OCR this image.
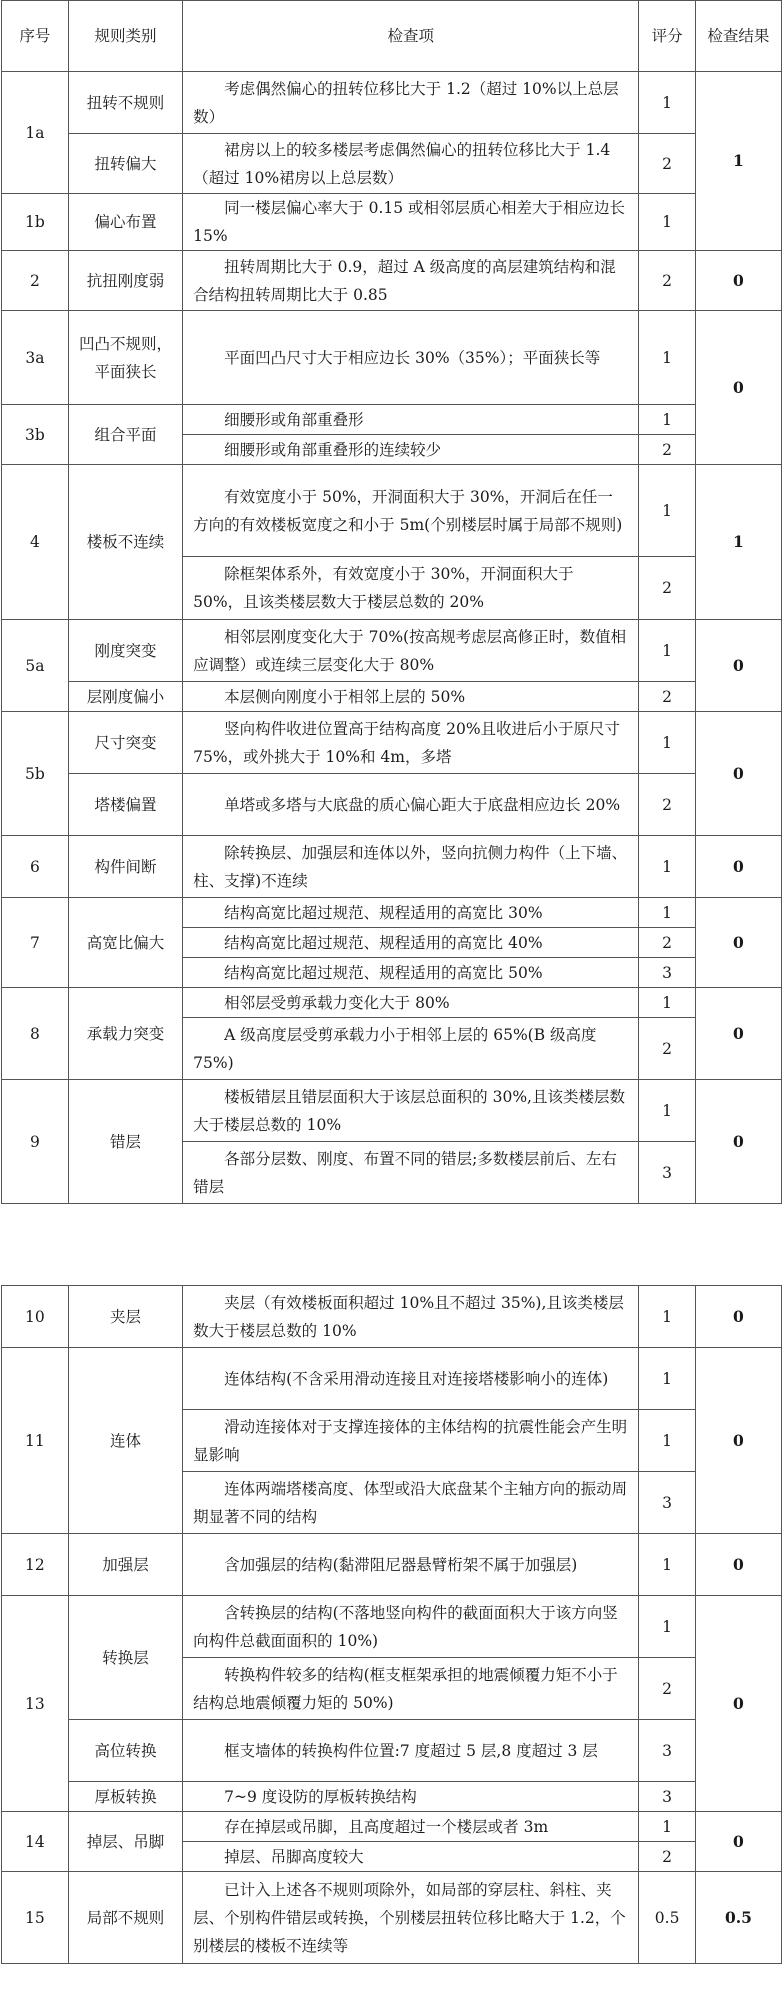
序号	规则类别	检查项	评分	检查结果
1a	扭转不规则	考虑偶然偏心的扭转位移比大于 1.2（超过 10%以上总层数）	1	1
	扭转偏大	裙房以上的较多楼层考虑偶然偏心的扭转位移比大于 1.4（超过 10%裙房以上总层数）	2	
1b	偏心布置	同一楼层偏心率大于 0.15 或相邻层质心相差大于相应边长 15%	1	
2	抗扭刚度弱	扭转周期比大于 0.9，超过 A 级高度的高层建筑结构和混合结构扭转周期比大于 0.85	2	0
3a	凹凸不规则，平面狭长	平面凹凸尺寸大于相应边长 30%（35%）；平面狭长等	1	0
3b	组合平面	细腰形或角部重叠形	1	
		细腰形或角部重叠形的连续较少	2	
4	楼板不连续	有效宽度小于 50%，开洞面积大于 30%，开洞后在任一方向的有效楼板宽度之和小于 5m(个别楼层时属于局部不规则)	1	1
		除框架体系外，有效宽度小于 30%，开洞面积大于 50%，且该类楼层数大于楼层总数的 20%	2	
5a	刚度突变	相邻层刚度变化大于 70%(按高规考虑层高修正时，数值相应调整）或连续三层变化大于 80%	1	0
	层刚度偏小	本层侧向刚度小于相邻上层的 50%	2	
5b	尺寸突变	竖向构件收进位置高于结构高度 20%且收进后小于原尺寸 75%，或外挑大于 10%和 4m，多塔	1	0
	塔楼偏置	单塔或多塔与大底盘的质心偏心距大于底盘相应边长 20%	2	
6	构件间断	除转换层、加强层和连体以外，竖向抗侧力构件（上下墙、柱、支撑)不连续	1	0
7	高宽比偏大	结构高宽比超过规范、规程适用的高宽比 30%	1	0
		结构高宽比超过规范、规程适用的高宽比 40%	2	
		结构高宽比超过规范、规程适用的高宽比 50%	3	
8	承载力突变	相邻层受剪承载力变化大于 80%	1	0
		A 级高度层受剪承载力小于相邻上层的 65%(B 级高度 75%)	2	
9	错层	楼板错层且错层面积大于该层总面积的 30%,且该类楼层数大于楼层总数的 10%	1	0
		各部分层数、刚度、布置不同的错层;多数楼层前后、左右错层	3	
10	夹层	夹层（有效楼板面积超过 10%且不超过 35%),且该类楼层数大于楼层总数的 10%	1	0
11	连体	连体结构(不含采用滑动连接且对连接塔楼影响小的连体)	1	0
		滑动连接体对于支撑连接体的主体结构的抗震性能会产生明显影响	1	
		连体两端塔楼高度、体型或沿大底盘某个主轴方向的振动周期显著不同的结构	3	
12	加强层	含加强层的结构(黏滞阻尼器悬臂桁架不属于加强层)	1	0
13	转换层	含转换层的结构(不落地竖向构件的截面面积大于该方向竖向构件总截面面积的 10%)	1	0
		转换构件较多的结构(框支框架承担的地震倾覆力矩不小于结构总地震倾覆力矩的 50%)	2	
	高位转换	框支墙体的转换构件位置:7 度超过 5 层,8 度超过 3 层	3	
	厚板转换	7~9 度设防的厚板转换结构	3	
14	掉层、吊脚	存在掉层或吊脚，且高度超过一个楼层或者 3m	1	0
		掉层、吊脚高度较大	2	
15	局部不规则	已计入上述各不规则项除外，如局部的穿层柱、斜柱、夹层、个别构件错层或转换，个别楼层扭转位移比略大于 1.2，个别楼层的楼板不连续等	0.5	0.5
